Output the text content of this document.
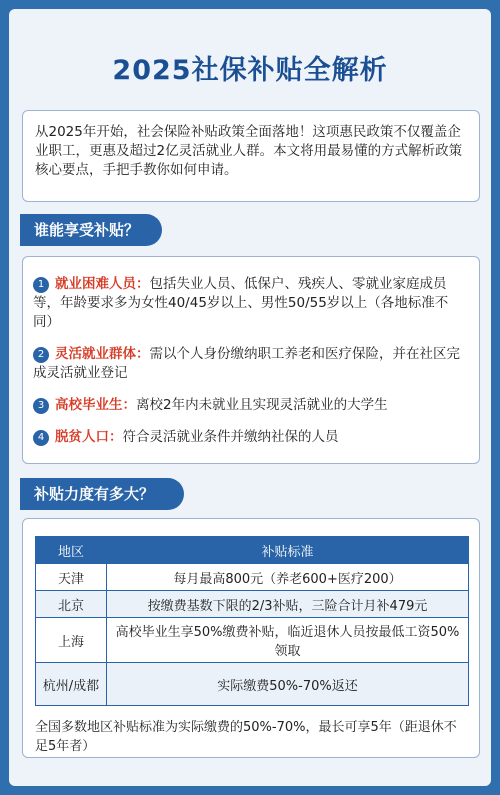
2025社保补贴全解析
从2025年开始，社会保险补贴政策全面落地！这项惠民政策不仅覆盖企业职工，更惠及超过2亿灵活就业人群。本文将用最易懂的方式解析政策核心要点，手把手教你如何申请。
谁能享受补贴？
1 就业困难人员：包括失业人员、低保户、残疾人、零就业家庭成员等，年龄要求多为女性40/45岁以上、男性50/55岁以上（各地标准不同）
2 灵活就业群体：需以个人身份缴纳职工养老和医疗保险，并在社区完成灵活就业登记
3 高校毕业生：离校2年内未就业且实现灵活就业的大学生
4 脱贫人口：符合灵活就业条件并缴纳社保的人员
补贴力度有多大？
地区	补贴标准
天津	每月最高800元（养老600+医疗200）
北京	按缴费基数下限的2/3补贴，三险合计月补479元
上海	高校毕业生享50%缴费补贴，临近退休人员按最低工资50%领取
杭州/成都	实际缴费50%-70%返还
全国多数地区补贴标准为实际缴费的50%-70%，最长可享5年（距退休不足5年者）
